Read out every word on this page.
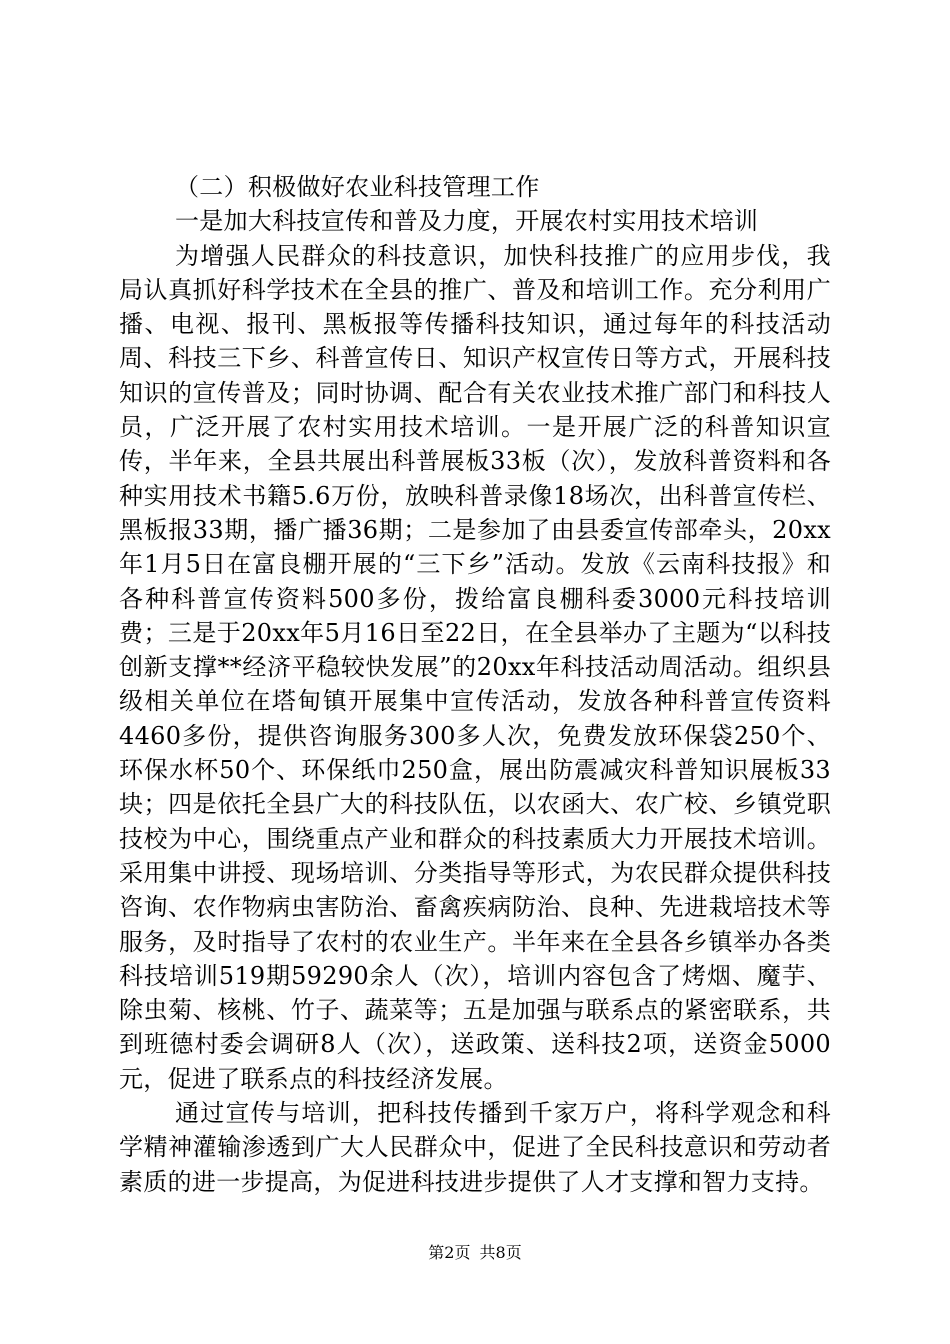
（二）积极做好农业科技管理工作

一是加大科技宣传和普及力度，开展农村实用技术培训

为增强人民群众的科技意识，加快科技推广的应用步伐，我局认真抓好科学技术在全县的推广、普及和培训工作。充分利用广播、电视、报刊、黑板报等传播科技知识，通过每年的科技活动周、科技三下乡、科普宣传日、知识产权宣传日等方式，开展科技知识的宣传普及；同时协调、配合有关农业技术推广部门和科技人员，广泛开展了农村实用技术培训。一是开展广泛的科普知识宣传，半年来，全县共展出科普展板33板（次），发放科普资料和各种实用技术书籍5.6万份，放映科普录像18场次，出科普宣传栏、黑板报33期，播广播36期；二是参加了由县委宣传部牵头，20xx年1月5日在富良棚开展的“三下乡”活动。发放《云南科技报》和各种科普宣传资料500多份，拨给富良棚科委3000元科技培训费；三是于20xx年5月16日至22日，在全县举办了主题为“以科技创新支撑**经济平稳较快发展”的20xx年科技活动周活动。组织县级相关单位在塔甸镇开展集中宣传活动，发放各种科普宣传资料4460多份，提供咨询服务300多人次，免费发放环保袋250个、环保水杯50个、环保纸巾250盒，展出防震减灾科普知识展板33块；四是依托全县广大的科技队伍，以农函大、农广校、乡镇党职技校为中心，围绕重点产业和群众的科技素质大力开展技术培训。采用集中讲授、现场培训、分类指导等形式，为农民群众提供科技咨询、农作物病虫害防治、畜禽疾病防治、良种、先进栽培技术等服务，及时指导了农村的农业生产。半年来在全县各乡镇举办各类科技培训519期59290余人（次），培训内容包含了烤烟、魔芋、除虫菊、核桃、竹子、蔬菜等；五是加强与联系点的紧密联系，共到班德村委会调研8人（次），送政策、送科技2项，送资金5000元，促进了联系点的科技经济发展。

通过宣传与培训，把科技传播到千家万户，将科学观念和科学精神灌输渗透到广大人民群众中，促进了全民科技意识和劳动者素质的进一步提高，为促进科技进步提供了人才支撑和智力支持。

第2页 共8页
